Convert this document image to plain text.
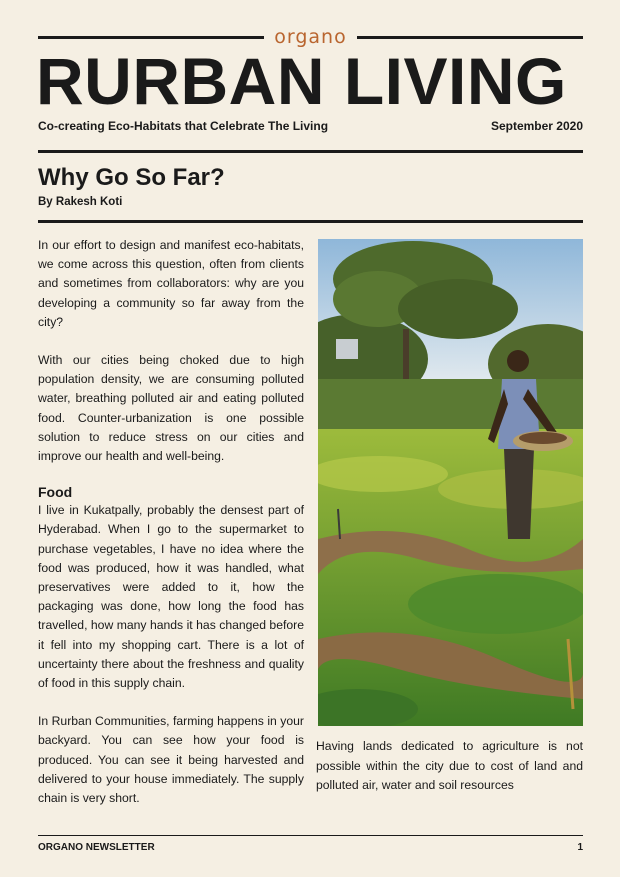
organo
RURBAN LIVING
Co-creating Eco-Habitats that Celebrate The Living	September 2020
Why Go So Far?
By Rakesh Koti

In our effort to design and manifest eco-habitats, we come across this question, often from clients and sometimes from collaborators: why are you developing a community so far away from the city?

With our cities being choked due to high population density, we are consuming polluted water, breathing polluted air and eating polluted food. Counter-urbanization is one possible solution to reduce stress on our cities and improve our health and well-being.

Food

I live in Kukatpally, probably the densest part of Hyderabad. When I go to the supermarket to purchase vegetables, I have no idea where the food was produced, how it was handled, what preservatives were added to it, how the packaging was done, how long the food has travelled, how many hands it has changed before it fell into my shopping cart. There is a lot of uncertainty there about the freshness and quality of food in this supply chain.

In Rurban Communities, farming happens in your backyard. You can see how your food is produced. You can see it being harvested and delivered to your house immediately. The supply chain is very short.

Having lands dedicated to agriculture is not possible within the city due to cost of land and polluted air, water and soil resources
ORGANO NEWSLETTER	1
